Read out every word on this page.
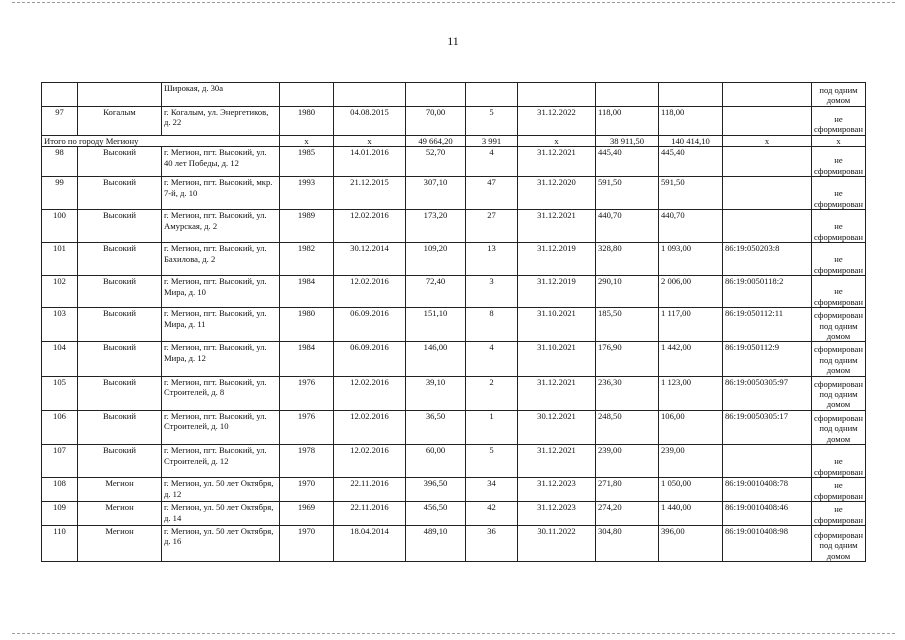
11
		Широкая, д. 30а									под одним домом
97	Когалым	г. Когалым, ул. Энергетиков, д. 22	1980	04.08.2015	70,00	5	31.12.2022	118,00	118,00		не сформирован
Итого по городу Мегиону			х	х	49 664,20	3 991	х	38 911,50	140 414,10	х	х
98	Высокий	г. Мегион, пгт. Высокий, ул. 40 лет Победы, д. 12	1985	14.01.2016	52,70	4	31.12.2021	445,40	445,40		не сформирован
99	Высокий	г. Мегион, пгт. Высокий, мкр. 7-й, д. 10	1993	21.12.2015	307,10	47	31.12.2020	591,50	591,50		не сформирован
100	Высокий	г. Мегион, пгт. Высокий, ул. Амурская, д. 2	1989	12.02.2016	173,20	27	31.12.2021	440,70	440,70		не сформирован
101	Высокий	г. Мегион, пгт. Высокий, ул. Бахилова, д. 2	1982	30.12.2014	109,20	13	31.12.2019	328,80	1 093,00	86:19:050203:8	не сформирован
102	Высокий	г. Мегион, пгт. Высокий, ул. Мира, д. 10	1984	12.02.2016	72,40	3	31.12.2019	290,10	2 006,00	86:19:0050118:2	не сформирован
103	Высокий	г. Мегион, пгт. Высокий, ул. Мира, д. 11	1980	06.09.2016	151,10	8	31.10.2021	185,50	1 117,00	86:19:050112:11	сформирован под одним домом
104	Высокий	г. Мегион, пгт. Высокий, ул. Мира, д. 12	1984	06.09.2016	146,00	4	31.10.2021	176,90	1 442,00	86:19:050112:9	сформирован под одним домом
105	Высокий	г. Мегион, пгт. Высокий, ул. Строителей, д. 8	1976	12.02.2016	39,10	2	31.12.2021	236,30	1 123,00	86:19:0050305:97	сформирован под одним домом
106	Высокий	г. Мегион, пгт. Высокий, ул. Строителей, д. 10	1976	12.02.2016	36,50	1	30.12.2021	248,50	106,00	86:19:0050305:17	сформирован под одним домом
107	Высокий	г. Мегион, пгт. Высокий, ул. Строителей, д. 12	1978	12.02.2016	60,00	5	31.12.2021	239,00	239,00		не сформирован
108	Мегион	г. Мегион, ул. 50 лет Октября, д. 12	1970	22.11.2016	396,50	34	31.12.2023	271,80	1 050,00	86:19:0010408:78	не сформирован
109	Мегион	г. Мегион, ул. 50 лет Октября, д. 14	1969	22.11.2016	456,50	42	31.12.2023	274,20	1 440,00	86:19:0010408:46	не сформирован
110	Мегион	г. Мегион, ул. 50 лет Октября, д. 16	1970	18.04.2014	489,10	36	30.11.2022	304,80	396,00	86:19:0010408:98	сформирован под одним домом
